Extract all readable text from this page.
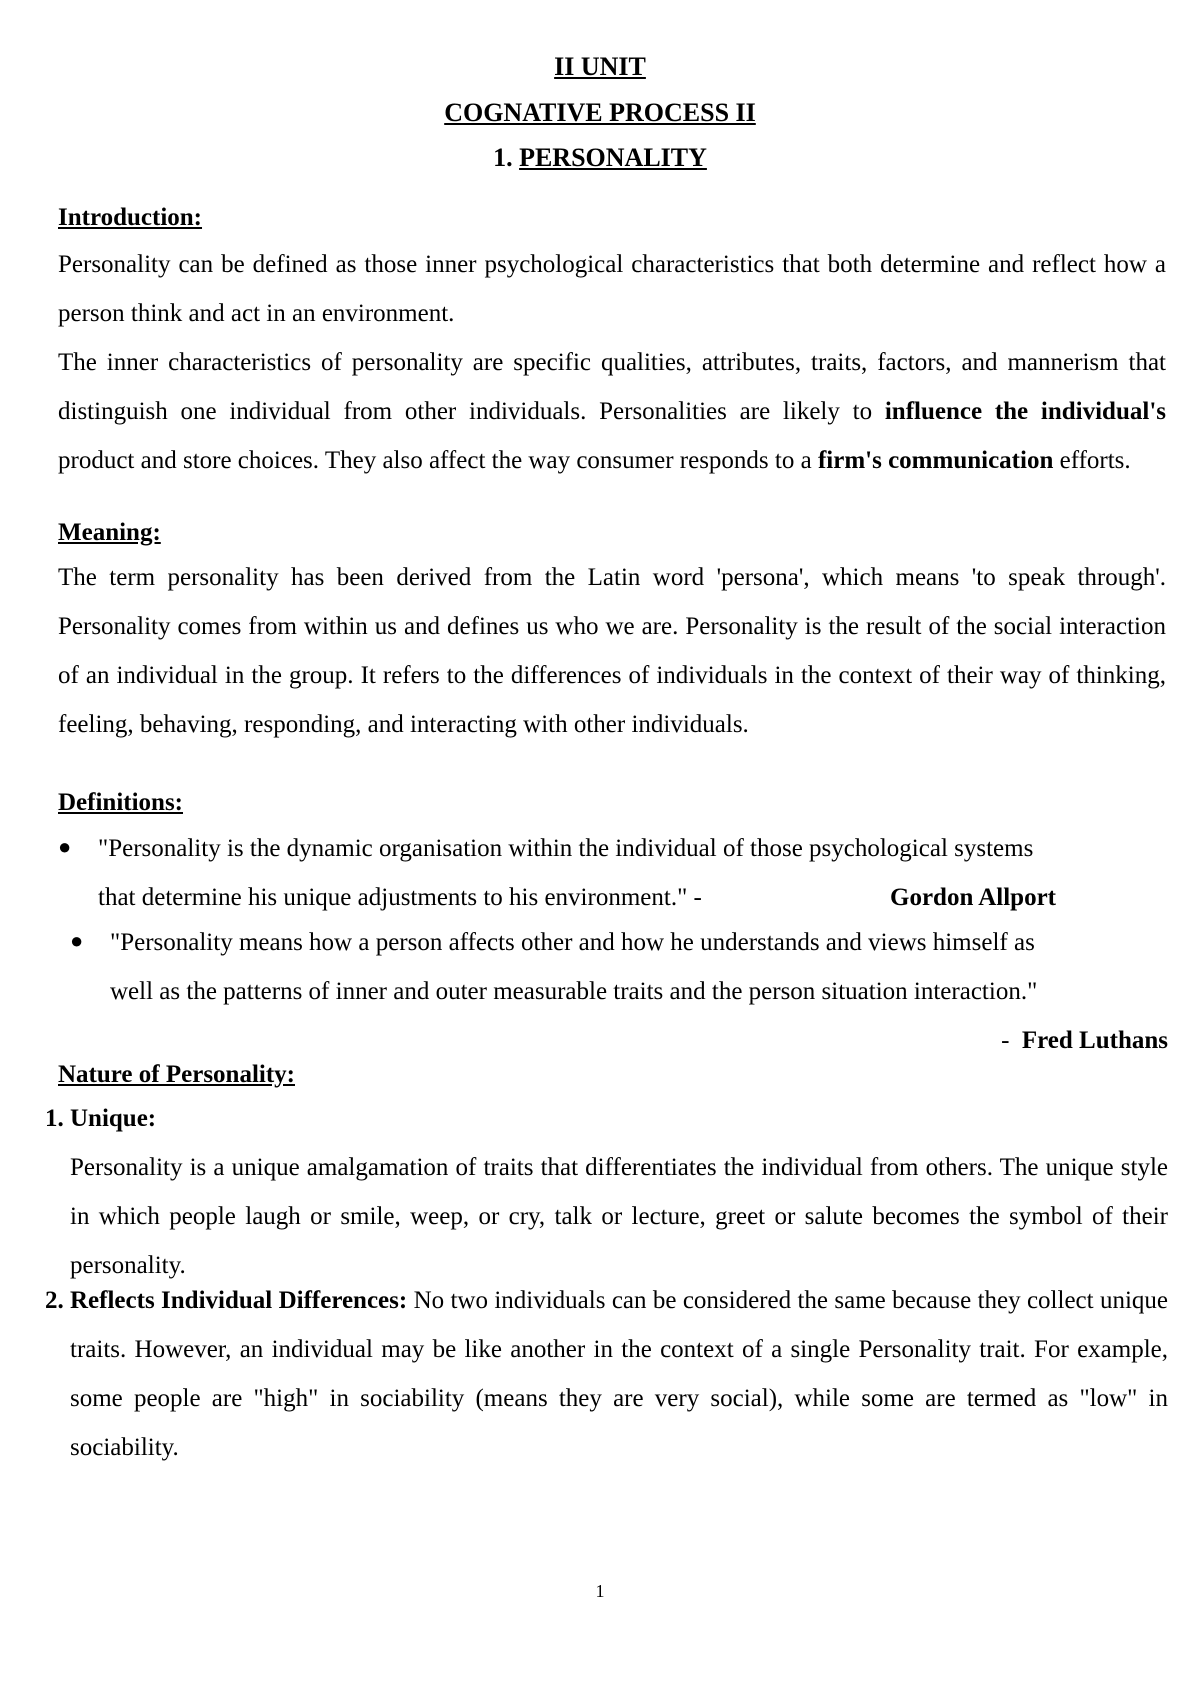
II UNIT
COGNATIVE PROCESS II
1. PERSONALITY
Introduction:

Personality can be defined as those inner psychological characteristics that both determine and reflect how a person think and act in an environment.

The inner characteristics of personality are specific qualities, attributes, traits, factors, and mannerism that distinguish one individual from other individuals. Personalities are likely to influence the individual's product and store choices. They also affect the way consumer responds to a firm's communication efforts.

Meaning:

The term personality has been derived from the Latin word 'persona', which means 'to speak through'. Personality comes from within us and defines us who we are. Personality is the result of the social interaction of an individual in the group. It refers to the differences of individuals in the context of their way of thinking, feeling, behaving, responding, and interacting with other individuals.

Definitions:
● "Personality is the dynamic organisation within the individual of those psychological systems
that determine his unique adjustments to his environment." -	Gordon Allport
● "Personality means how a person affects other and how he understands and views himself as
well as the patterns of inner and outer measurable traits and the person situation interaction."
- Fred Luthans
Nature of Personality:
1. Unique:
Personality is a unique amalgamation of traits that differentiates the individual from others. The unique style in which people laugh or smile, weep, or cry, talk or lecture, greet or salute becomes the symbol of their personality.
2. Reflects Individual Differences: No two individuals can be considered the same because they collect unique traits. However, an individual may be like another in the context of a single Personality trait. For example, some people are "high" in sociability (means they are very social), while some are termed as "low" in sociability.
1
